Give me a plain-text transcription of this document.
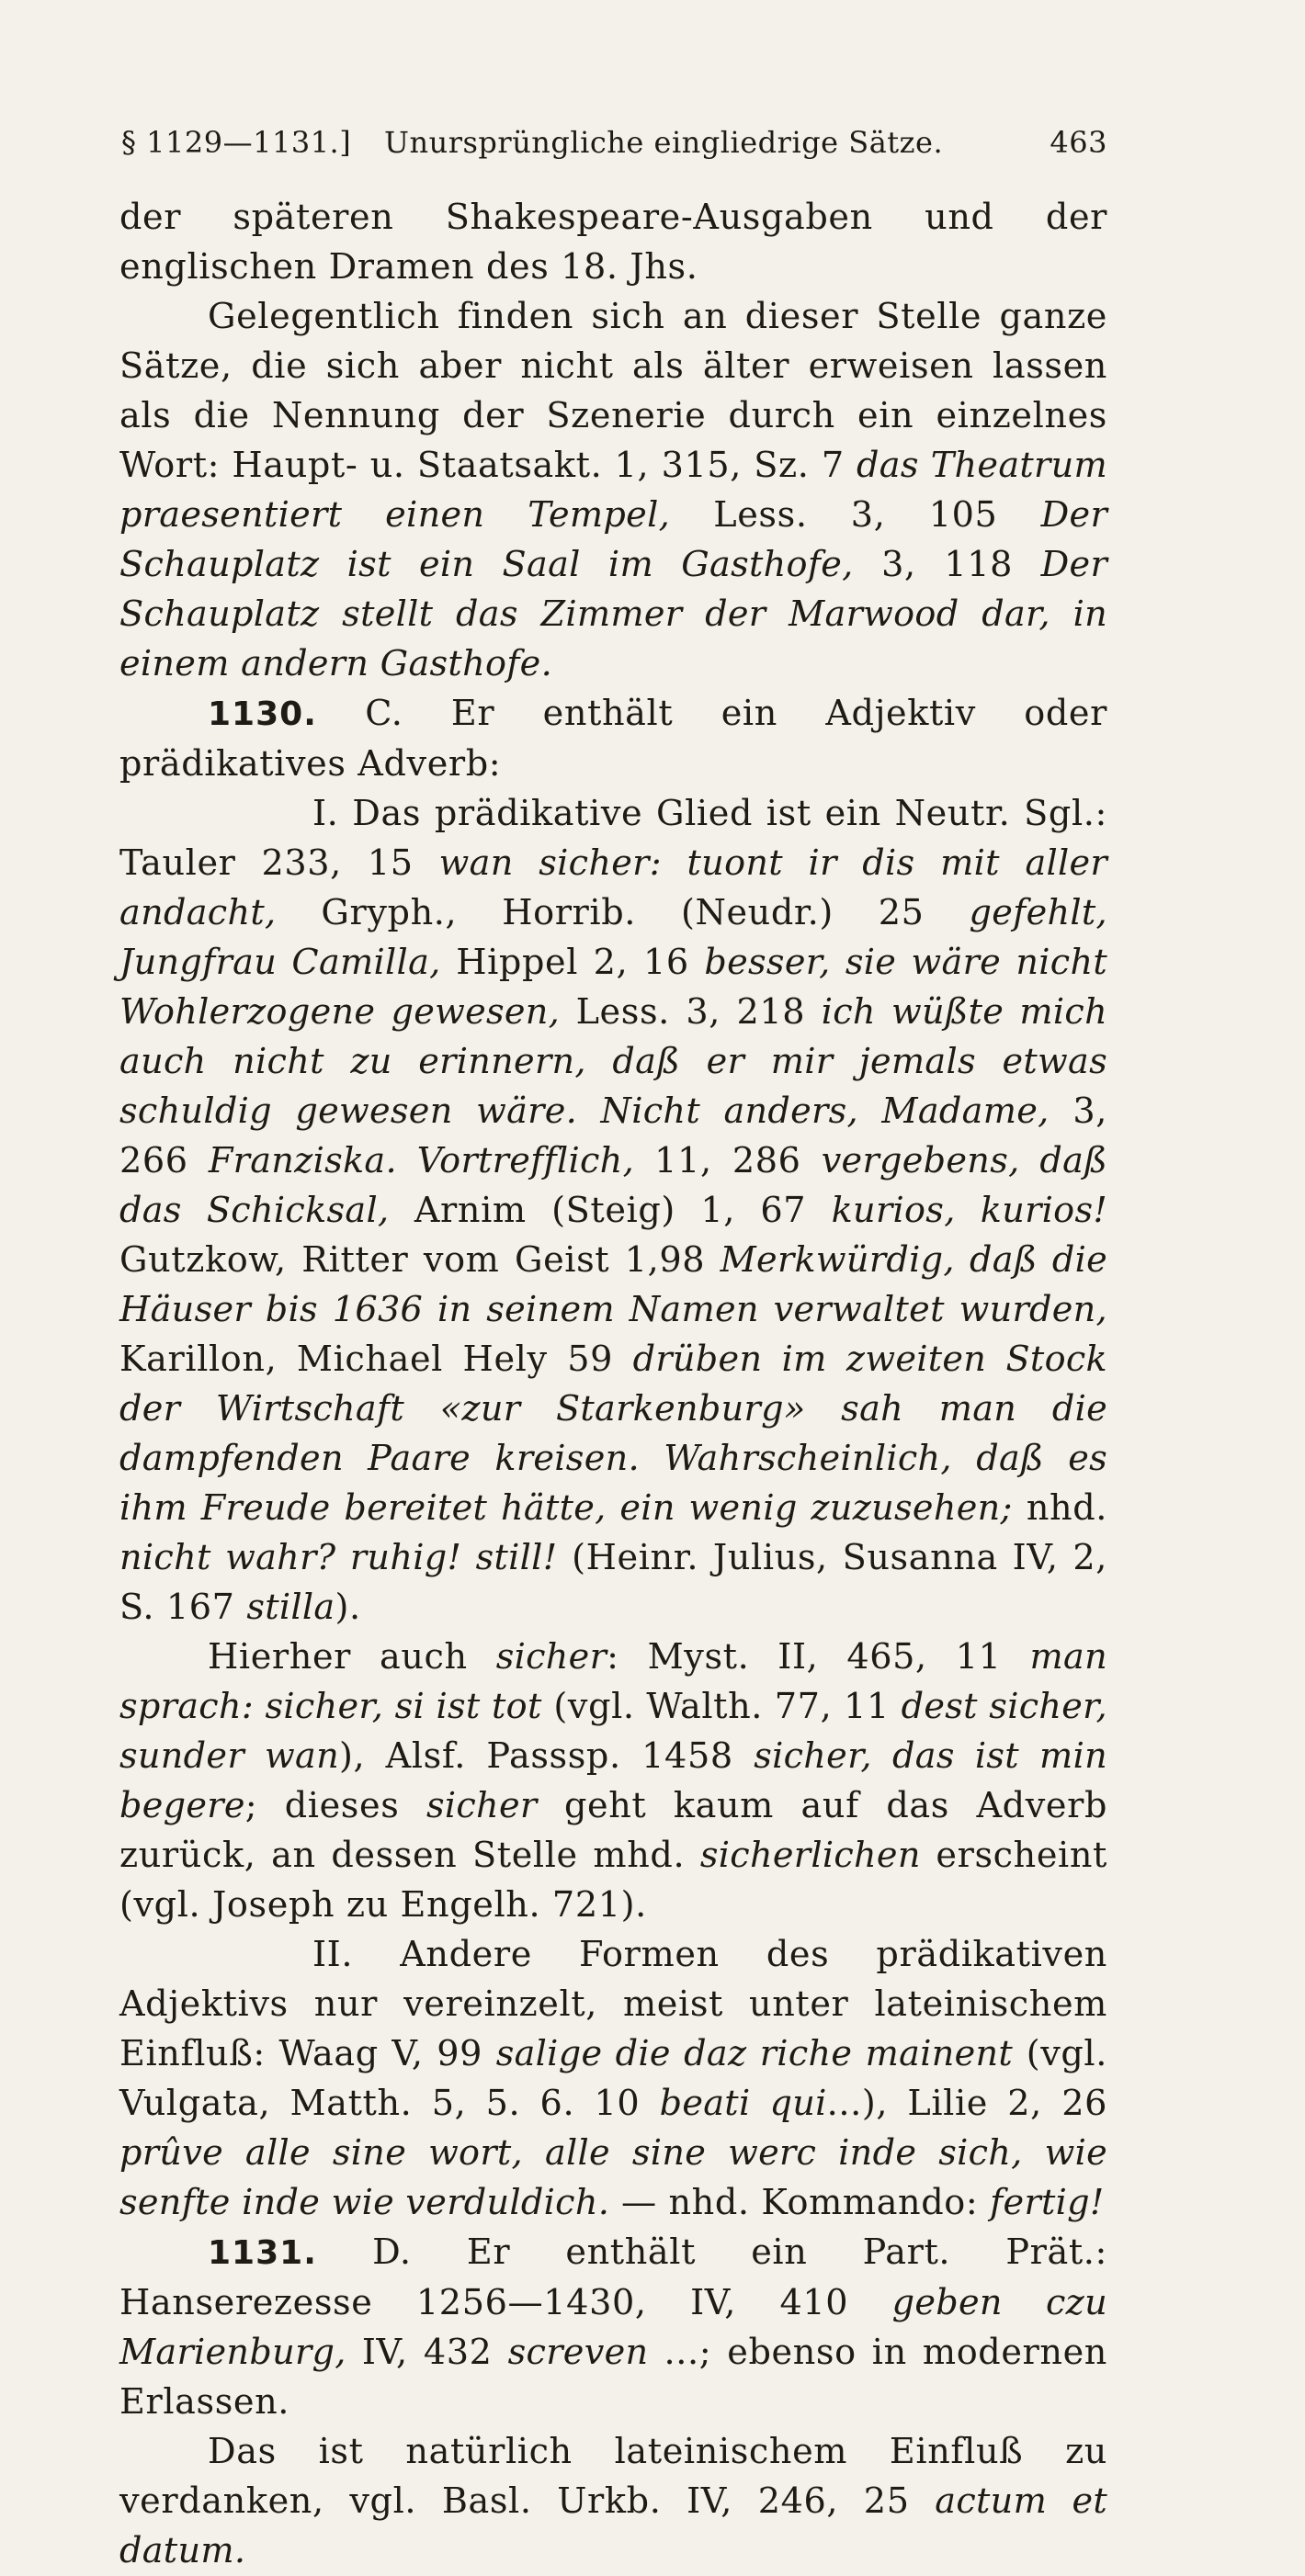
§ 1129—1131.] Unursprüngliche eingliedrige Sätze.	463

der späteren Shakespeare-Ausgaben und der englischen Dramen des 18. Jhs.

Gelegentlich finden sich an dieser Stelle ganze Sätze, die sich aber nicht als älter erweisen lassen als die Nennung der Szenerie durch ein einzelnes Wort: Haupt- u. Staatsakt. 1, 315, Sz. 7 das Theatrum praesentiert einen Tempel, Less. 3, 105 Der Schauplatz ist ein Saal im Gasthofe, 3, 118 Der Schauplatz stellt das Zimmer der Marwood dar, in einem andern Gasthofe.

1130. C. Er enthält ein Adjektiv oder prädikatives Adverb:

I. Das prädikative Glied ist ein Neutr. Sgl.: Tauler 233, 15 wan sicher: tuont ir dis mit aller andacht, Gryph., Horrib. (Neudr.) 25 gefehlt, Jungfrau Camilla, Hippel 2, 16 besser, sie wäre nicht Wohlerzogene gewesen, Less. 3, 218 ich wüßte mich auch nicht zu erinnern, daß er mir jemals etwas schuldig gewesen wäre. Nicht anders, Madame, 3, 266 Franziska. Vortrefflich, 11, 286 vergebens, daß das Schicksal, Arnim (Steig) 1, 67 kurios, kurios! Gutzkow, Ritter vom Geist 1,98 Merkwürdig, daß die Häuser bis 1636 in seinem Namen verwaltet wurden, Karillon, Michael Hely 59 drüben im zweiten Stock der Wirtschaft «zur Starkenburg» sah man die dampfenden Paare kreisen. Wahrscheinlich, daß es ihm Freude bereitet hätte, ein wenig zuzusehen; nhd. nicht wahr? ruhig! still! (Heinr. Julius, Susanna IV, 2, S. 167 stilla).

Hierher auch sicher: Myst. II, 465, 11 man sprach: sicher, si ist tot (vgl. Walth. 77, 11 dest sicher, sunder wan), Alsf. Passsp. 1458 sicher, das ist min begere; dieses sicher geht kaum auf das Adverb zurück, an dessen Stelle mhd. sicherlichen erscheint (vgl. Joseph zu Engelh. 721).

II. Andere Formen des prädikativen Adjektivs nur vereinzelt, meist unter lateinischem Einfluß: Waag V, 99 salige die daz riche mainent (vgl. Vulgata, Matth. 5, 5. 6. 10 beati qui...), Lilie 2, 26 prûve alle sine wort, alle sine werc inde sich, wie senfte inde wie verduldich. — nhd. Kommando: fertig!

1131. D. Er enthält ein Part. Prät.: Hanserezesse 1256—1430, IV, 410 geben czu Marienburg, IV, 432 screven ...; ebenso in modernen Erlassen.

Das ist natürlich lateinischem Einfluß zu verdanken, vgl. Basl. Urkb. IV, 246, 25 actum et datum.
